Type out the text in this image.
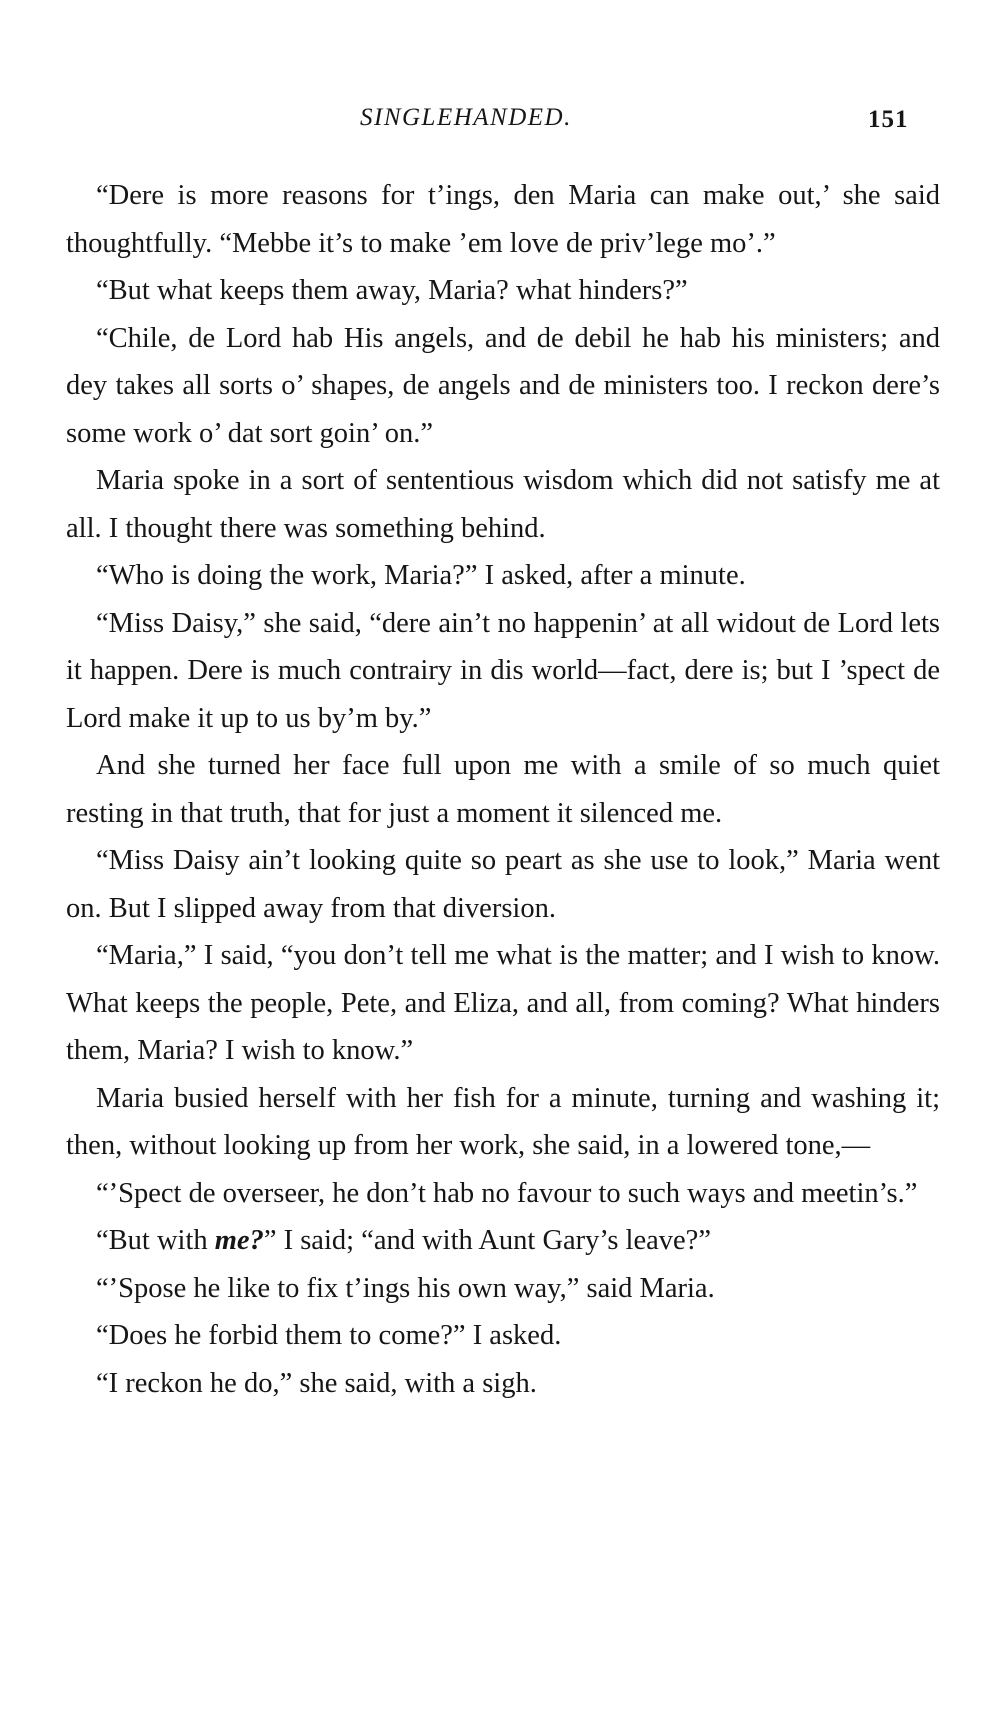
SINGLEHANDED.	151

“Dere is more reasons for t’ings, den Maria can make out,’ she said thoughtfully. “Mebbe it’s to make ’em love de priv’lege mo’.”

“But what keeps them away, Maria? what hinders?”

“Chile, de Lord hab His angels, and de debil he hab his ministers; and dey takes all sorts o’ shapes, de angels and de ministers too. I reckon dere’s some work o’ dat sort goin’ on.”

Maria spoke in a sort of sententious wisdom which did not satisfy me at all. I thought there was something behind.

“Who is doing the work, Maria?” I asked, after a minute.

“Miss Daisy,” she said, “dere ain’t no happenin’ at all widout de Lord lets it happen. Dere is much contrairy in dis world—fact, dere is; but I ’spect de Lord make it up to us by’m by.”

And she turned her face full upon me with a smile of so much quiet resting in that truth, that for just a moment it silenced me.

“Miss Daisy ain’t looking quite so peart as she use to look,” Maria went on. But I slipped away from that diversion.

“Maria,” I said, “you don’t tell me what is the matter; and I wish to know. What keeps the people, Pete, and Eliza, and all, from coming? What hinders them, Maria? I wish to know.”

Maria busied herself with her fish for a minute, turning and washing it; then, without looking up from her work, she said, in a lowered tone,—

“’Spect de overseer, he don’t hab no favour to such ways and meetin’s.”

“But with me?” I said; “and with Aunt Gary’s leave?”

“’Spose he like to fix t’ings his own way,” said Maria.

“Does he forbid them to come?” I asked.

“I reckon he do,” she said, with a sigh.
